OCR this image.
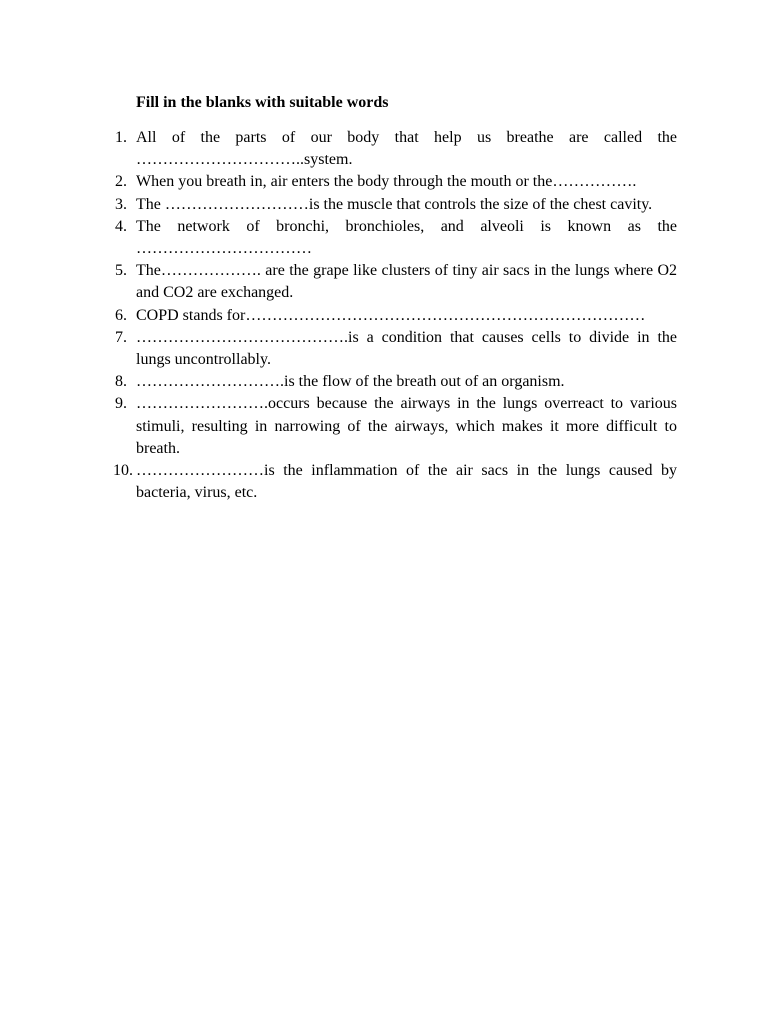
Fill in the blanks with suitable words
1. All of the parts of our body that help us breathe are called the …………………………..system.
2. When you breath in, air enters the body through the mouth or the…………….
3. The ………………………is the muscle that controls the size of the chest cavity.
4. The network of bronchi, bronchioles, and alveoli is known as the ……………………………
5. The………………. are the grape like clusters of tiny air sacs in the lungs where O2 and CO2 are exchanged.
6. COPD stands for…………………………………………………………………
7. ………………………………….is a condition that causes cells to divide in the lungs uncontrollably.
8. ……………………….is the flow of the breath out of an organism.
9. …………………….occurs because the airways in the lungs overreact to various stimuli, resulting in narrowing of the airways, which makes it more difficult to breath.
10. ……………………is the inflammation of the air sacs in the lungs caused by bacteria, virus, etc.
